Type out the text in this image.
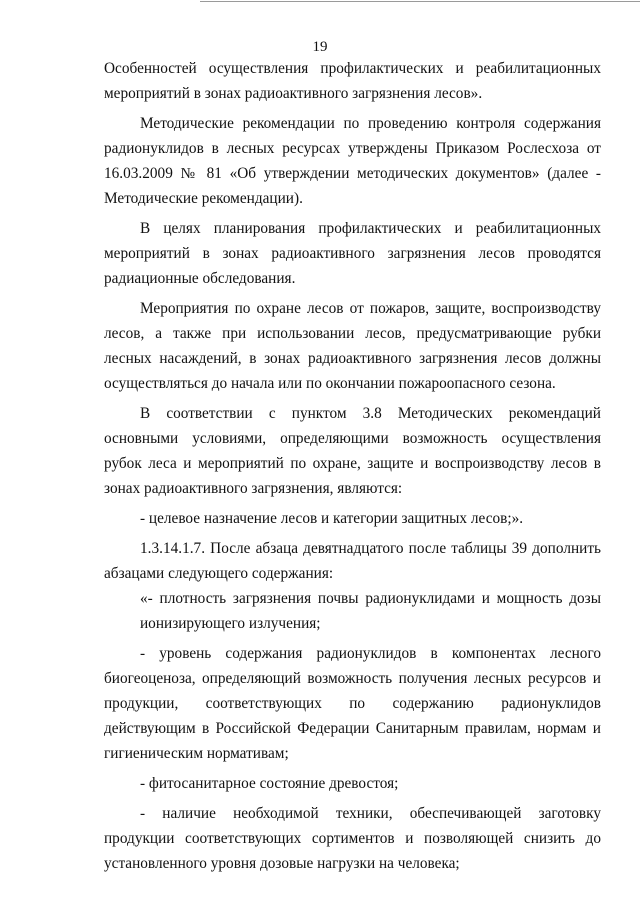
19

Особенностей осуществления профилактических и реабилитационных мероприятий в зонах радиоактивного загрязнения лесов».

Методические рекомендации по проведению контроля содержания радионуклидов в лесных ресурсах утверждены Приказом Рослесхоза от 16.03.2009 № 81 «Об утверждении методических документов» (далее - Методические рекомендации).

В целях планирования профилактических и реабилитационных мероприятий в зонах радиоактивного загрязнения лесов проводятся радиационные обследования.

Мероприятия по охране лесов от пожаров, защите, воспроизводству лесов, а также при использовании лесов, предусматривающие рубки лесных насаждений, в зонах радиоактивного загрязнения лесов должны осуществляться до начала или по окончании пожароопасного сезона.

В соответствии с пунктом 3.8 Методических рекомендаций основными условиями, определяющими возможность осуществления рубок леса и мероприятий по охране, защите и воспроизводству лесов в зонах радиоактивного загрязнения, являются:

- целевое назначение лесов и категории защитных лесов;».

1.3.14.1.7. После абзаца девятнадцатого после таблицы 39 дополнить абзацами следующего содержания:

«- плотность загрязнения почвы радионуклидами и мощность дозы ионизирующего излучения;

- уровень содержания радионуклидов в компонентах лесного биогеоценоза, определяющий возможность получения лесных ресурсов и продукции, соответствующих по содержанию радионуклидов действующим в Российской Федерации Санитарным правилам, нормам и гигиеническим нормативам;

- фитосанитарное состояние древостоя;

- наличие необходимой техники, обеспечивающей заготовку продукции соответствующих сортиментов и позволяющей снизить до установленного уровня дозовые нагрузки на человека;
